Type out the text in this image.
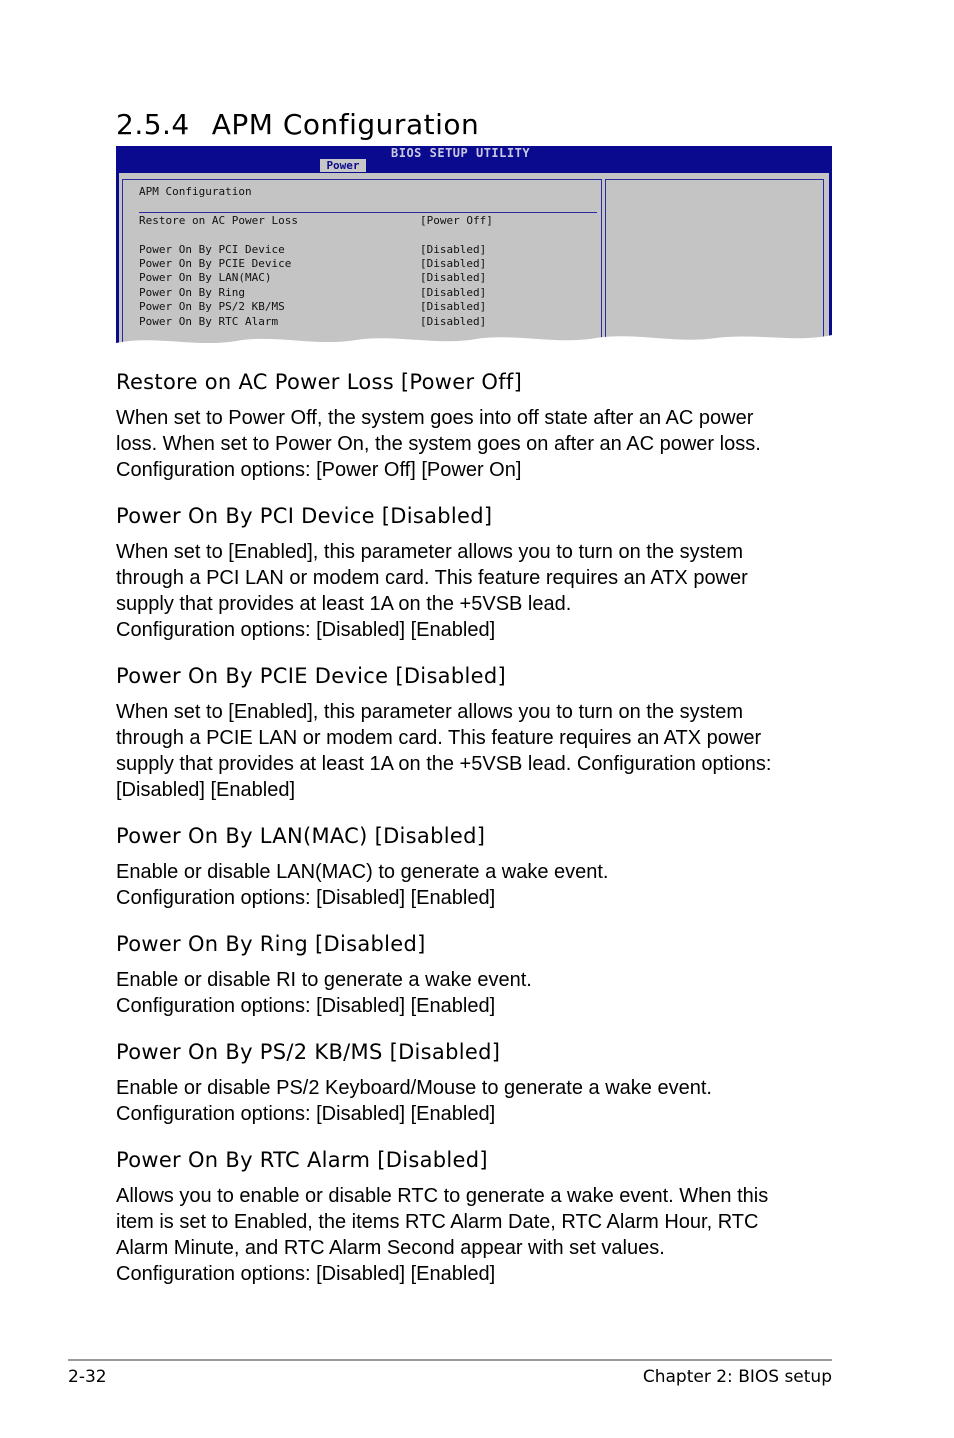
2.5.4 APM Configuration
BIOS SETUP UTILITY
Power
APM Configuration
Restore on AC Power Loss	[Power Off]
Power On By PCI Device	[Disabled]
Power On By PCIE Device	[Disabled]
Power On By LAN(MAC)	[Disabled]
Power On By Ring	[Disabled]
Power On By PS/2 KB/MS	[Disabled]
Power On By RTC Alarm	[Disabled]
Restore on AC Power Loss [Power Off]

When set to Power Off, the system goes into off state after an AC power
loss. When set to Power On, the system goes on after an AC power loss.
Configuration options: [Power Off] [Power On]

Power On By PCI Device [Disabled]

When set to [Enabled], this parameter allows you to turn on the system
through a PCI LAN or modem card. This feature requires an ATX power
supply that provides at least 1A on the +5VSB lead.
Configuration options: [Disabled] [Enabled]

Power On By PCIE Device [Disabled]

When set to [Enabled], this parameter allows you to turn on the system
through a PCIE LAN or modem card. This feature requires an ATX power
supply that provides at least 1A on the +5VSB lead. Configuration options:
[Disabled] [Enabled]

Power On By LAN(MAC) [Disabled]

Enable or disable LAN(MAC) to generate a wake event.
Configuration options: [Disabled] [Enabled]

Power On By Ring [Disabled]

Enable or disable RI to generate a wake event.
Configuration options: [Disabled] [Enabled]

Power On By PS/2 KB/MS [Disabled]

Enable or disable PS/2 Keyboard/Mouse to generate a wake event.
Configuration options: [Disabled] [Enabled]

Power On By RTC Alarm [Disabled]

Allows you to enable or disable RTC to generate a wake event. When this
item is set to Enabled, the items RTC Alarm Date, RTC Alarm Hour, RTC
Alarm Minute, and RTC Alarm Second appear with set values.
Configuration options: [Disabled] [Enabled]

2-32	Chapter 2: BIOS setup
